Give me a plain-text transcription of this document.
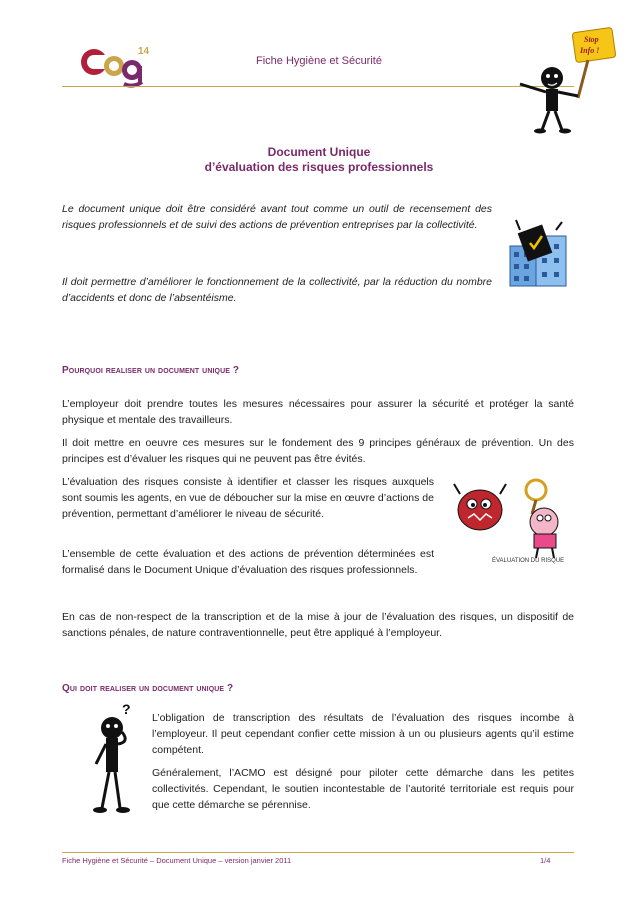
14
Fiche Hygiène et Sécurité
Stop
Info !
Document Unique
d’évaluation des risques professionnels

Le document unique doit être considéré avant tout comme un outil de recensement des risques professionnels et de suivi des actions de prévention entreprises par la collectivité.

Il doit permettre d’améliorer le fonctionnement de la collectivité, par la réduction du nombre d’accidents et donc de l’absentéisme.

Pourquoi realiser un document unique ?

L’employeur doit prendre toutes les mesures nécessaires pour assurer la sécurité et protéger la santé physique et mentale des travailleurs.

Il doit mettre en oeuvre ces mesures sur le fondement des 9 principes généraux de prévention. Un des principes est d’évaluer les risques qui ne peuvent pas être évités.

L’évaluation des risques consiste à identifier et classer les risques auxquels sont soumis les agents, en vue de déboucher sur la mise en œuvre d’actions de prévention, permettant d’améliorer le niveau de sécurité.

L’ensemble de cette évaluation et des actions de prévention déterminées est formalisé dans le Document Unique d’évaluation des risques professionnels.

ÉVALUATION DU RISQUE

En cas de non-respect de la transcription et de la mise à jour de l’évaluation des risques, un dispositif de sanctions pénales, de nature contraventionnelle, peut être appliqué à l’employeur.

Qui doit realiser un document unique ?
?

L’obligation de transcription des résultats de l’évaluation des risques incombe à l’employeur. Il peut cependant confier cette mission à un ou plusieurs agents qu’il estime compétent.

Généralement, l’ACMO est désigné pour piloter cette démarche dans les petites collectivités. Cependant, le soutien incontestable de l’autorité territoriale est requis pour que cette démarche se pérennise.

Fiche Hygiène et Sécurité – Document Unique – version janvier 2011	1/4
